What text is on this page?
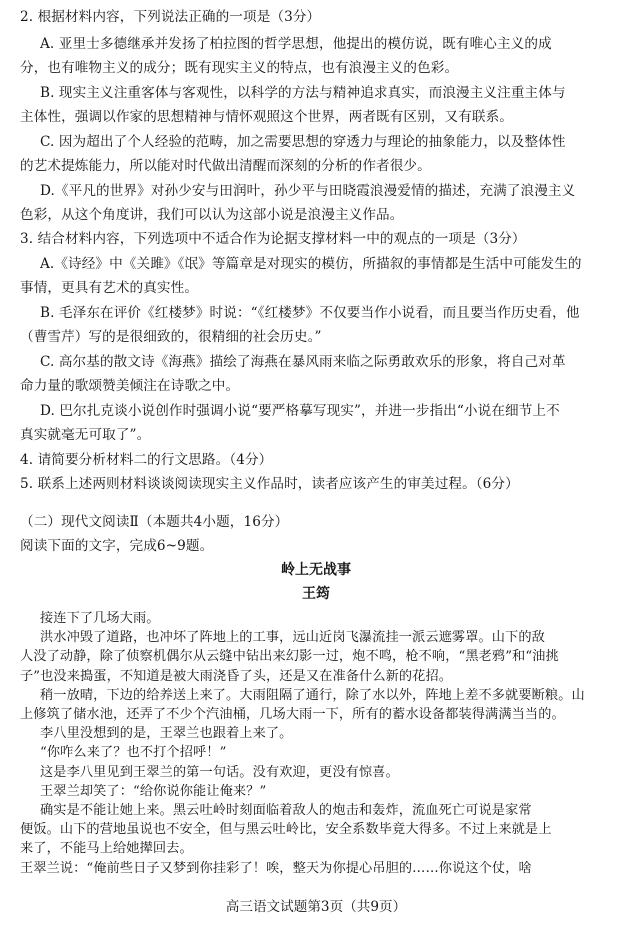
2. 根据材料内容，下列说法正确的一项是（3分）
A. 亚里士多德继承并发扬了柏拉图的哲学思想，他提出的模仿说，既有唯心主义的成
分，也有唯物主义的成分；既有现实主义的特点，也有浪漫主义的色彩。
B. 现实主义注重客体与客观性，以科学的方法与精神追求真实，而浪漫主义注重主体与
主体性，强调以作家的思想精神与情怀观照这个世界，两者既有区别，又有联系。
C. 因为超出了个人经验的范畴，加之需要思想的穿透力与理论的抽象能力，以及整体性
的艺术提炼能力，所以能对时代做出清醒而深刻的分析的作者很少。
D.《平凡的世界》对孙少安与田润叶，孙少平与田晓霞浪漫爱情的描述，充满了浪漫主义
色彩，从这个角度讲，我们可以认为这部小说是浪漫主义作品。
3. 结合材料内容，下列选项中不适合作为论据支撑材料一中的观点的一项是（3分）
A.《诗经》中《关雎》《氓》等篇章是对现实的模仿，所描叙的事情都是生活中可能发生的
事情，更具有艺术的真实性。
B. 毛泽东在评价《红楼梦》时说：“《红楼梦》不仅要当作小说看，而且要当作历史看，他
（曹雪芹）写的是很细致的，很精细的社会历史。”
C. 高尔基的散文诗《海燕》描绘了海燕在暴风雨来临之际勇敢欢乐的形象，将自己对革
命力量的歌颂赞美倾注在诗歌之中。
D. 巴尔扎克谈小说创作时强调小说“要严格摹写现实”，并进一步指出“小说在细节上不
真实就毫无可取了”。
4. 请简要分析材料二的行文思路。（4分）
5. 联系上述两则材料谈谈阅读现实主义作品时，读者应该产生的审美过程。（6分）
（二）现代文阅读Ⅱ（本题共4小题，16分）
阅读下面的文字，完成6~9题。
岭上无战事
王筠
高三语文试题第3页（共9页）
接连下了几场大雨。
洪水冲毁了道路，也冲坏了阵地上的工事，远山近岗飞瀑流挂一派云遮雾罩。山下的敌
人没了动静，除了侦察机偶尔从云缝中钻出来幻影一过，炮不鸣，枪不响，“黑老鸦”和“油挑
子”也没来搗蛋，不知道是被大雨浇昏了头，还是又在准备什么新的花招。
稍一放晴，下边的给养送上来了。大雨阻隔了通行，除了水以外，阵地上差不多就要断粮。山
上修筑了储水池，还弄了不少个汽油桶，几场大雨一下，所有的蓄水设备都装得满满当当的。
李八里没想到的是，王翠兰也跟着上来了。
“你咋么来了？也不打个招呼！”
这是李八里见到王翠兰的第一句话。没有欢迎，更没有惊喜。
王翠兰却笑了：“给你说你能让俺来？”
确实是不能让她上来。黑云吐岭时刻面临着敌人的炮击和轰炸，流血死亡可说是家常
便饭。山下的营地虽说也不安全，但与黑云吐岭比，安全系数毕竟大得多。不过上来就是上
来了，不能马上给她撵回去。
王翠兰说：“俺前些日子又梦到你挂彩了！唉，整天为你提心吊胆的……你说这个仗，啥
